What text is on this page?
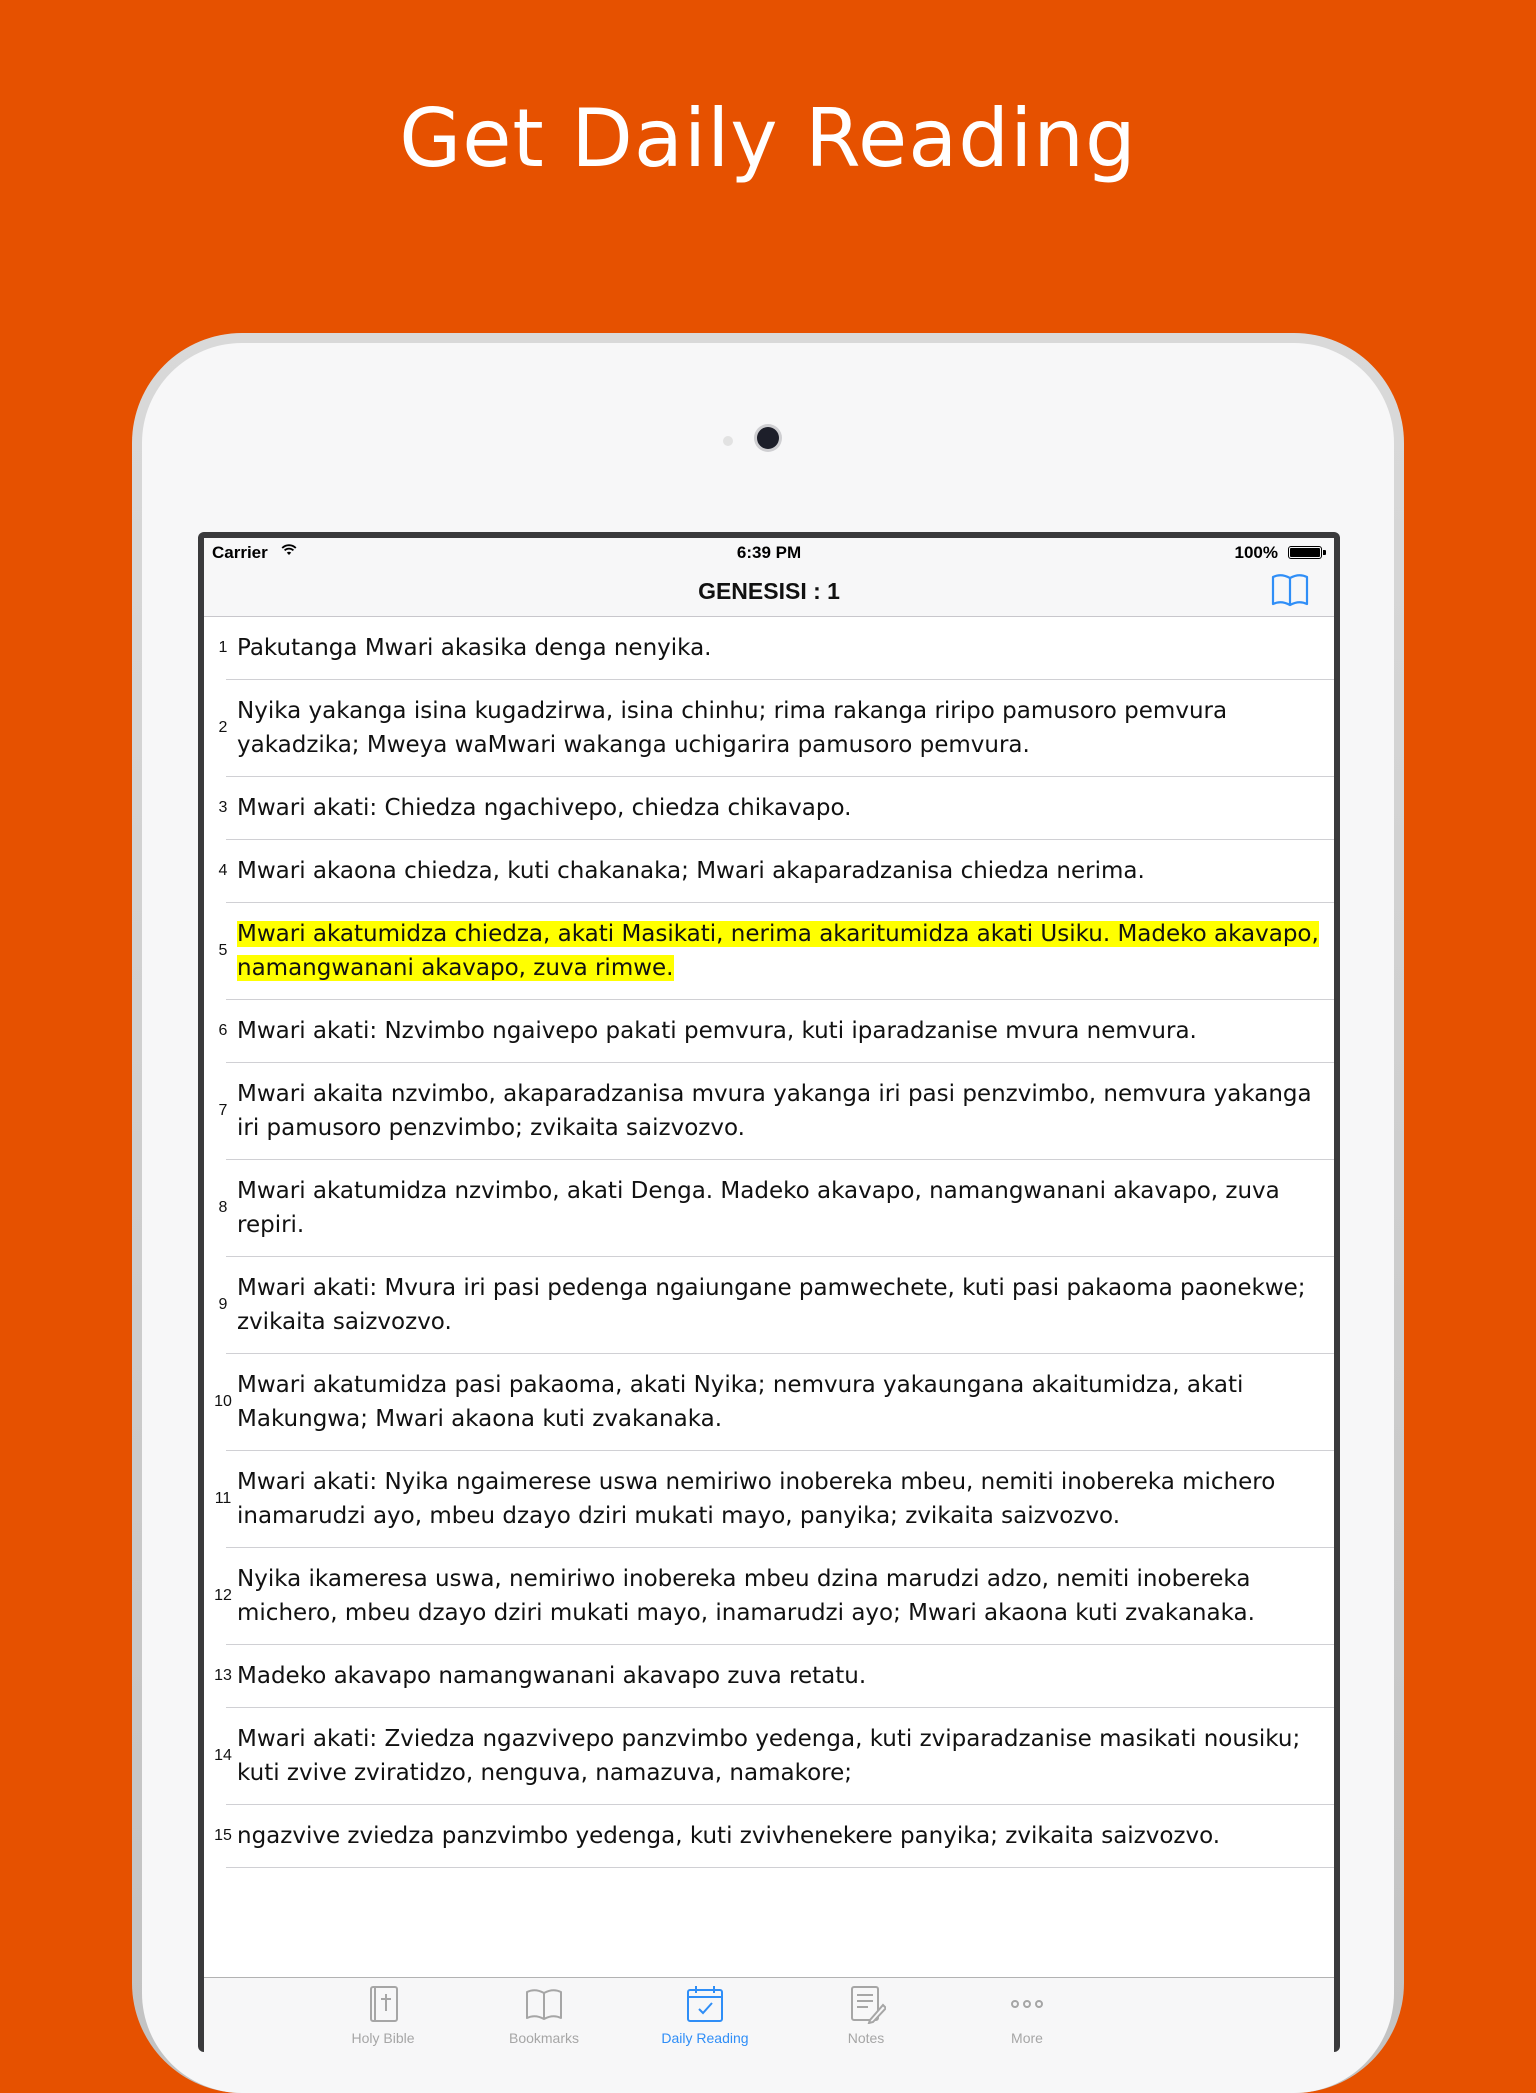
Get Daily Reading
Carrier	6:39 PM	100%
GENESISI : 1
1 Pakutanga Mwari akasika denga nenyika.
2
Nyika yakanga isina kugadzirwa, isina chinhu; rima rakanga riripo pamusoro pemvura yakadzika; Mweya waMwari wakanga uchigarira pamusoro pemvura.
3 Mwari akati: Chiedza ngachivepo, chiedza chikavapo.
4 Mwari akaona chiedza, kuti chakanaka; Mwari akaparadzanisa chiedza nerima.
5
Mwari akatumidza chiedza, akati Masikati, nerima akaritumidza akati Usiku. Madeko akavapo, namangwanani akavapo, zuva rimwe.
6 Mwari akati: Nzvimbo ngaivepo pakati pemvura, kuti iparadzanise mvura nemvura.
7
Mwari akaita nzvimbo, akaparadzanisa mvura yakanga iri pasi penzvimbo, nemvura yakanga iri pamusoro penzvimbo; zvikaita saizvozvo.
8
Mwari akatumidza nzvimbo, akati Denga. Madeko akavapo, namangwanani akavapo, zuva repiri.
9
Mwari akati: Mvura iri pasi pedenga ngaiungane pamwechete, kuti pasi pakaoma paonekwe; zvikaita saizvozvo.
10
Mwari akatumidza pasi pakaoma, akati Nyika; nemvura yakaungana akaitumidza, akati Makungwa; Mwari akaona kuti zvakanaka.
11
Mwari akati: Nyika ngaimerese uswa nemiriwo inobereka mbeu, nemiti inobereka michero inamarudzi ayo, mbeu dzayo dziri mukati mayo, panyika; zvikaita saizvozvo.
12
Nyika ikameresa uswa, nemiriwo inobereka mbeu dzina marudzi adzo, nemiti inobereka michero, mbeu dzayo dziri mukati mayo, inamarudzi ayo; Mwari akaona kuti zvakanaka.
13 Madeko akavapo namangwanani akavapo zuva retatu.
14
Mwari akati: Zviedza ngazvivepo panzvimbo yedenga, kuti zviparadzanise masikati nousiku; kuti zvive zviratidzo, nenguva, namazuva, namakore;
15 ngazvive zviedza panzvimbo yedenga, kuti zvivhenekere panyika; zvikaita saizvozvo.
Holy Bible	Bookmarks	Daily Reading	Notes	More
